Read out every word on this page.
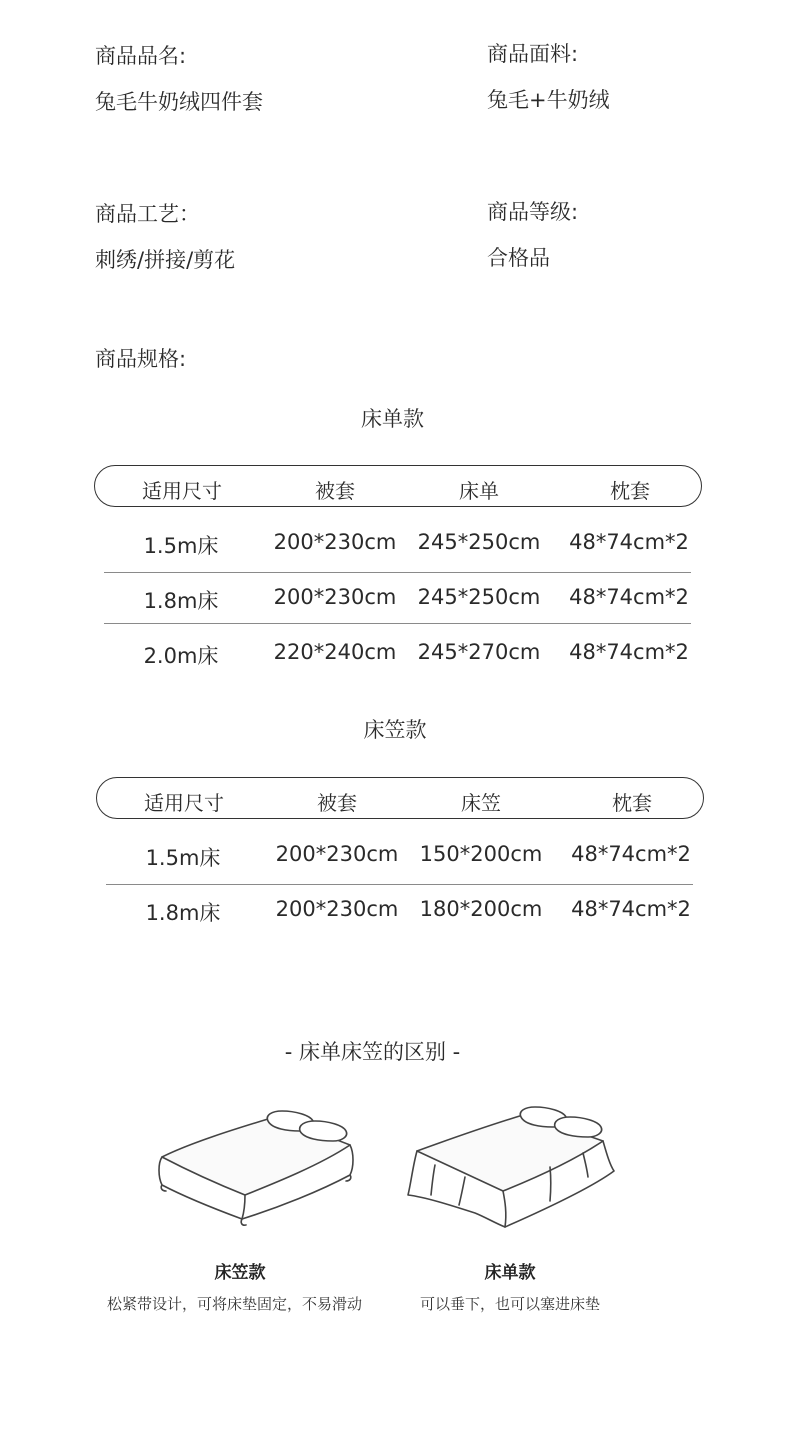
商品品名:
兔毛牛奶绒四件套
商品面料:
兔毛+牛奶绒
商品工艺：
刺绣/拼接/剪花
商品等级:
合格品
商品规格:
床单款
适用尺寸	被套	床单	枕套
1.5m床	200*230cm 245*250cm 48*74cm*2
1.8m床	200*230cm 245*250cm 48*74cm*2
2.0m床	220*240cm 245*270cm 48*74cm*2
床笠款
适用尺寸	被套	床笠	枕套
1.5m床	200*230cm 150*200cm 48*74cm*2
1.8m床	200*230cm 180*200cm 48*74cm*2
- 床单床笠的区别 -
床笠款	床单款
松紧带设计，可将床垫固定，不易滑动	可以垂下，也可以塞进床垫
